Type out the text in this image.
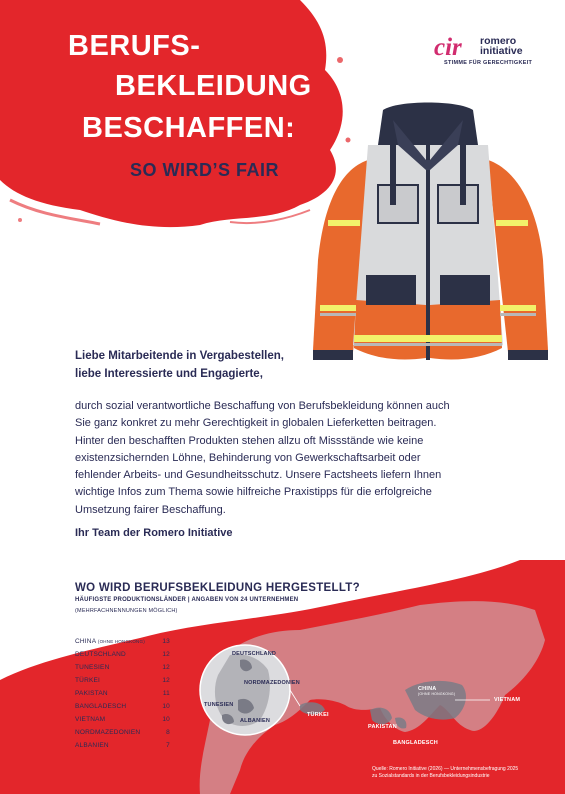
BERUFS-
BEKLEIDUNG
BESCHAFFEN:
SO WIRD’S FAIR
cir romero
initiative
STIMME FÜR GERECHTIGKEIT
Liebe Mitarbeitende in Vergabestellen,
liebe Interessierte und Engagierte,
durch sozial verantwortliche Beschaffung von Berufsbekleidung können auch
Sie ganz konkret zu mehr Gerechtigkeit in globalen Lieferketten beitragen.
Hinter den beschafften Produkten stehen allzu oft Missstände wie keine
existenzsichernden Löhne, Behinderung von Gewerkschaftsarbeit oder
fehlender Arbeits- und Gesundheitsschutz. Unsere Factsheets liefern Ihnen
wichtige Infos zum Thema sowie hilfreiche Praxistipps für die erfolgreiche
Umsetzung fairer Beschaffung.
Ihr Team der Romero Initiative
WO WIRD BERUFSBEKLEIDUNG HERGESTELLT?
HÄUFIGSTE PRODUKTIONSLÄNDER | ANGABEN VON 24 UNTERNEHMEN
(MEHRFACHNENNUNGEN MÖGLICH)
CHINA (OHNE HONGKONG)	13
DEUTSCHLAND	12
TUNESIEN	12
TÜRKEI	12
PAKISTAN	11
BANGLADESCH	10
VIETNAM	10
NORDMAZEDONIEN	8
ALBANIEN	7
DEUTSCHLAND
NORDMAZEDONIEN
TUNESIEN
ALBANIEN
TÜRKEI
CHINA
(OHNE HONGKONG)
VIETNAM
PAKISTAN
BANGLADESCH
Quelle: Romero Initiative (2026) — Unternehmensbefragung 2025
zu Sozialstandards in der Berufsbekleidungsindustrie
